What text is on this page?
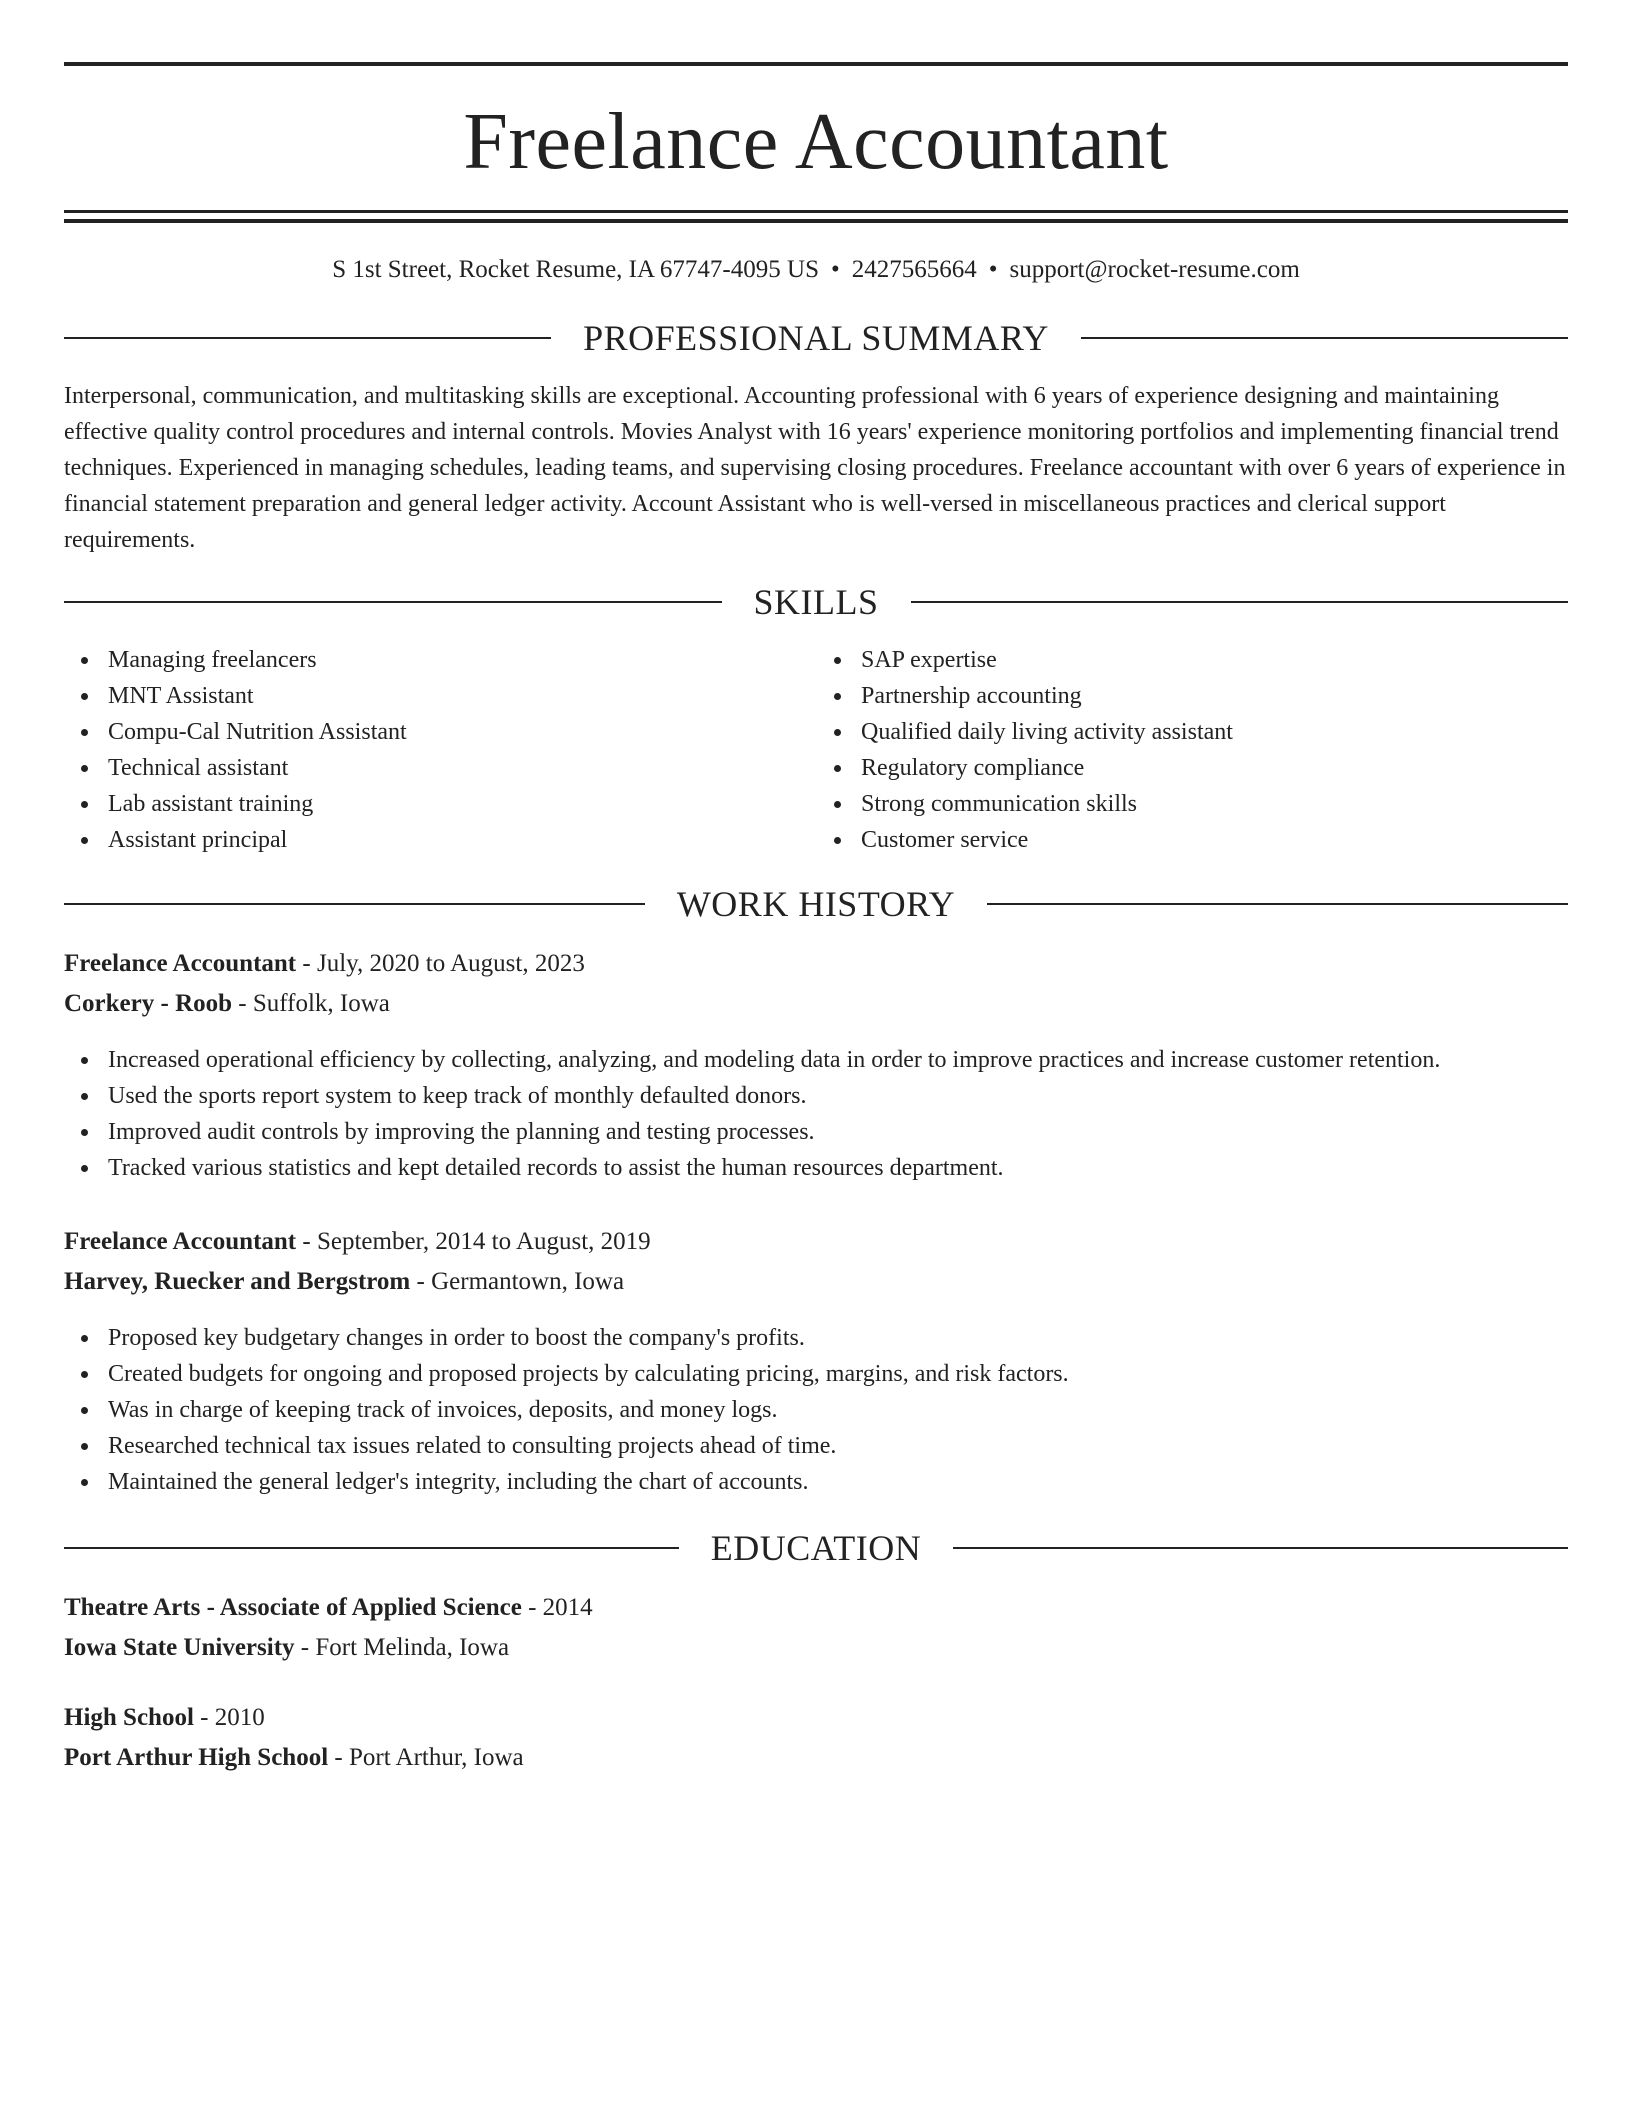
Freelance Accountant
S 1st Street, Rocket Resume, IA 67747-4095 US • 2427565664 • support@rocket-resume.com
PROFESSIONAL SUMMARY

Interpersonal, communication, and multitasking skills are exceptional. Accounting professional with 6 years of experience designing and maintaining effective quality control procedures and internal controls. Movies Analyst with 16 years' experience monitoring portfolios and implementing financial trend techniques. Experienced in managing schedules, leading teams, and supervising closing procedures. Freelance accountant with over 6 years of experience in financial statement preparation and general ledger activity. Account Assistant who is well-versed in miscellaneous practices and clerical support requirements.

SKILLS
Managing freelancers
MNT Assistant
Compu-Cal Nutrition Assistant
Technical assistant
Lab assistant training
Assistant principal
SAP expertise
Partnership accounting
Qualified daily living activity assistant
Regulatory compliance
Strong communication skills
Customer service
WORK HISTORY
Freelance Accountant - July, 2020 to August, 2023
Corkery - Roob - Suffolk, Iowa
Increased operational efficiency by collecting, analyzing, and modeling data in order to improve practices and increase customer retention.
Used the sports report system to keep track of monthly defaulted donors.
Improved audit controls by improving the planning and testing processes.
Tracked various statistics and kept detailed records to assist the human resources department.
Freelance Accountant - September, 2014 to August, 2019
Harvey, Ruecker and Bergstrom - Germantown, Iowa
Proposed key budgetary changes in order to boost the company's profits.
Created budgets for ongoing and proposed projects by calculating pricing, margins, and risk factors.
Was in charge of keeping track of invoices, deposits, and money logs.
Researched technical tax issues related to consulting projects ahead of time.
Maintained the general ledger's integrity, including the chart of accounts.
EDUCATION
Theatre Arts - Associate of Applied Science - 2014
Iowa State University - Fort Melinda, Iowa
High School - 2010
Port Arthur High School - Port Arthur, Iowa
